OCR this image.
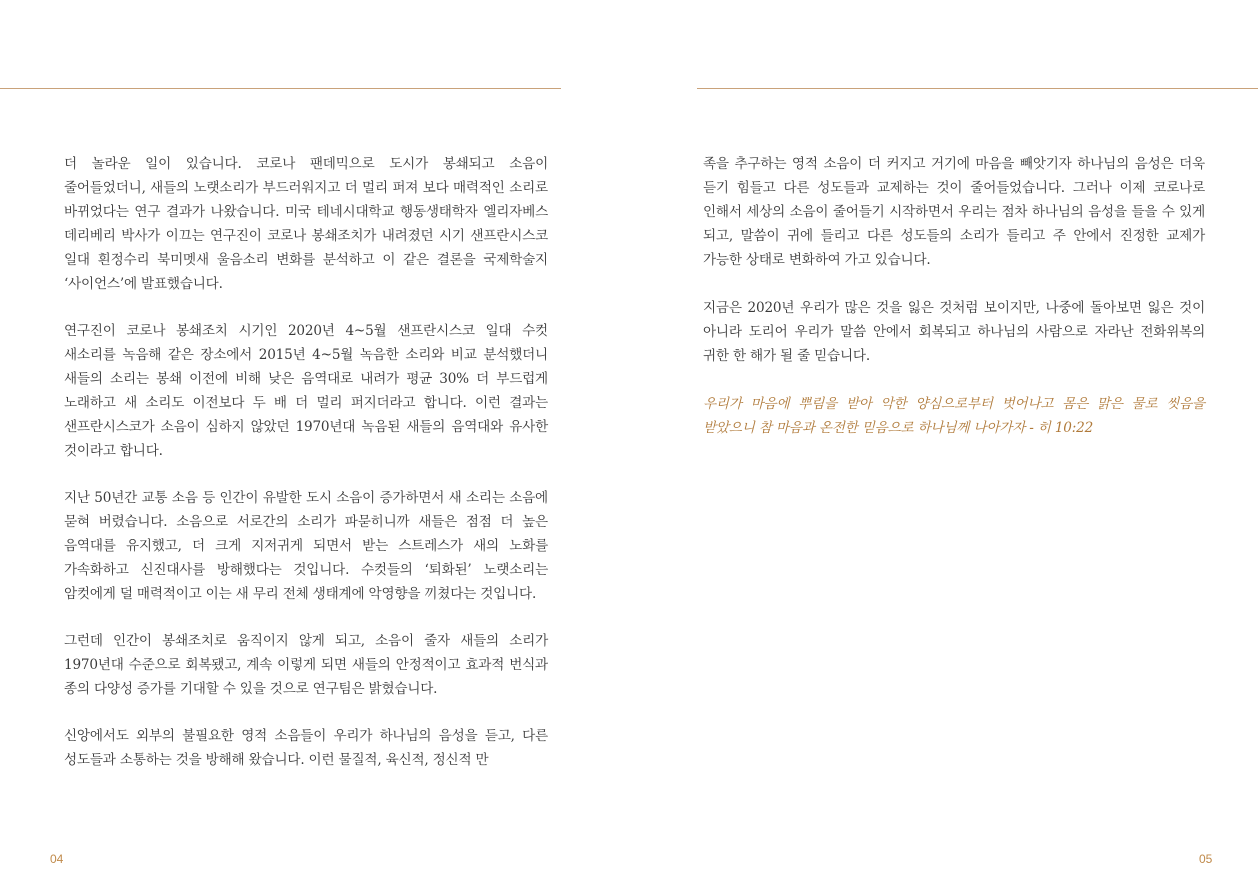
더 놀라운 일이 있습니다. 코로나 팬데믹으로 도시가 봉쇄되고 소음이 줄어들었더니, 새들의 노랫소리가 부드러워지고 더 멀리 퍼져 보다 매력적인 소리로 바뀌었다는 연구 결과가 나왔습니다. 미국 테네시대학교 행동생태학자 엘리자베스 데리베리 박사가 이끄는 연구진이 코로나 봉쇄조치가 내려졌던 시기 샌프란시스코 일대 흰정수리 북미멧새 울음소리 변화를 분석하고 이 같은 결론을 국제학술지 ‘사이언스’에 발표했습니다.

연구진이 코로나 봉쇄조치 시기인 2020년 4~5월 샌프란시스코 일대 수컷 새소리를 녹음해 같은 장소에서 2015년 4~5월 녹음한 소리와 비교 분석했더니 새들의 소리는 봉쇄 이전에 비해 낮은 음역대로 내려가 평균 30% 더 부드럽게 노래하고 새 소리도 이전보다 두 배 더 멀리 퍼지더라고 합니다. 이런 결과는 샌프란시스코가 소음이 심하지 않았던 1970년대 녹음된 새들의 음역대와 유사한 것이라고 합니다.

지난 50년간 교통 소음 등 인간이 유발한 도시 소음이 증가하면서 새 소리는 소음에 묻혀 버렸습니다. 소음으로 서로간의 소리가 파묻히니까 새들은 점점 더 높은 음역대를 유지했고, 더 크게 지저귀게 되면서 받는 스트레스가 새의 노화를 가속화하고 신진대사를 방해했다는 것입니다. 수컷들의 ‘퇴화된’ 노랫소리는 암컷에게 덜 매력적이고 이는 새 무리 전체 생태계에 악영향을 끼쳤다는 것입니다.

그런데 인간이 봉쇄조치로 움직이지 않게 되고, 소음이 줄자 새들의 소리가 1970년대 수준으로 회복됐고, 계속 이렇게 되면 새들의 안정적이고 효과적 번식과 종의 다양성 증가를 기대할 수 있을 것으로 연구팀은 밝혔습니다.

신앙에서도 외부의 불필요한 영적 소음들이 우리가 하나님의 음성을 듣고, 다른 성도들과 소통하는 것을 방해해 왔습니다. 이런 물질적, 육신적, 정신적 만

족을 추구하는 영적 소음이 더 커지고 거기에 마음을 빼앗기자 하나님의 음성은 더욱 듣기 힘들고 다른 성도들과 교제하는 것이 줄어들었습니다. 그러나 이제 코로나로 인해서 세상의 소음이 줄어들기 시작하면서 우리는 점차 하나님의 음성을 들을 수 있게 되고, 말씀이 귀에 들리고 다른 성도들의 소리가 들리고 주 안에서 진정한 교제가 가능한 상태로 변화하여 가고 있습니다.

지금은 2020년 우리가 많은 것을 잃은 것처럼 보이지만, 나중에 돌아보면 잃은 것이 아니라 도리어 우리가 말씀 안에서 회복되고 하나님의 사람으로 자라난 전화위복의 귀한 한 해가 될 줄 믿습니다.

우리가 마음에 뿌림을 받아 악한 양심으로부터 벗어나고 몸은 맑은 물로 씻음을 받았으니 참 마음과 온전한 믿음으로 하나님께 나아가자 - 히 10:22

04	05
